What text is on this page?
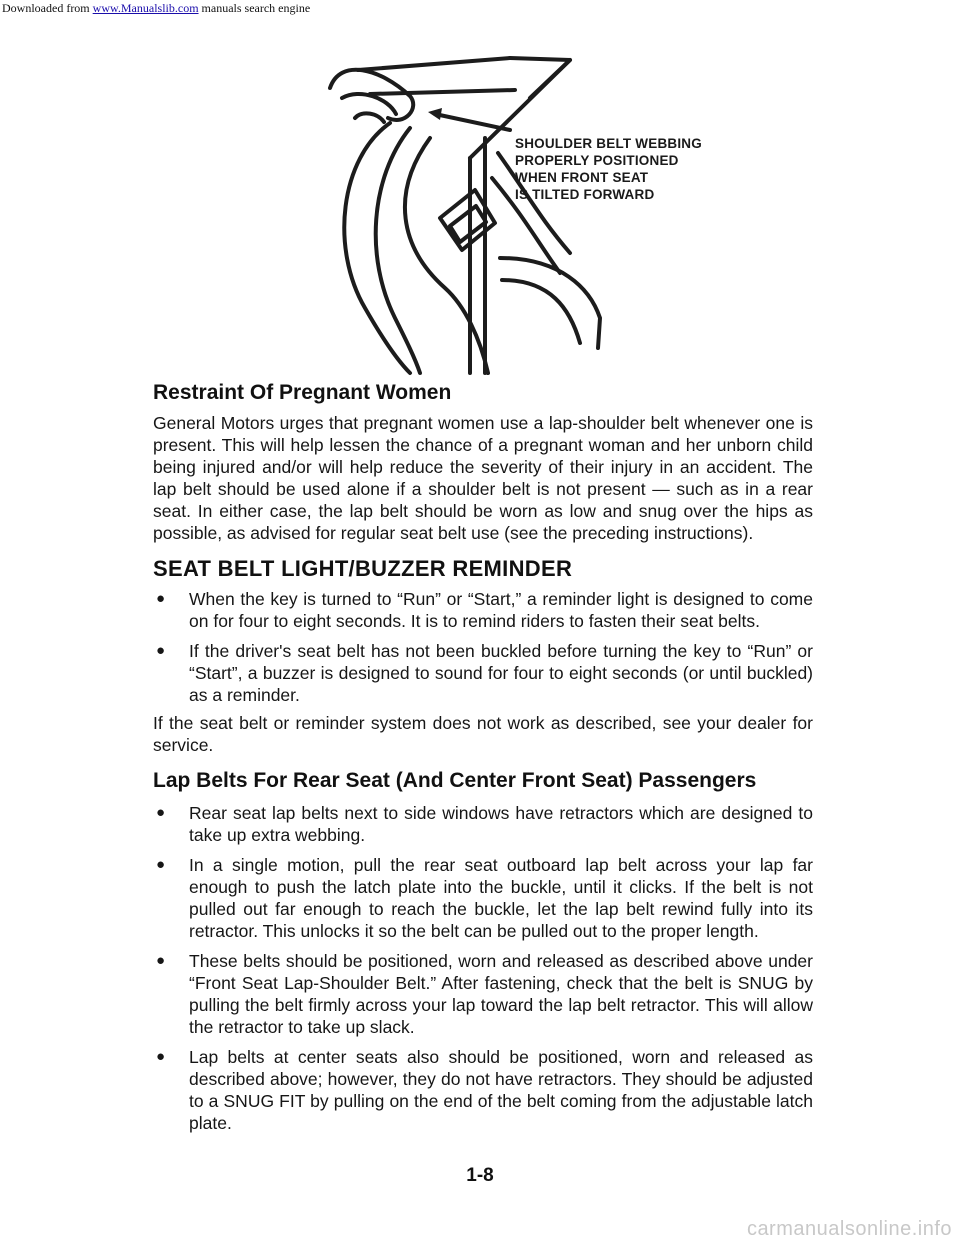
Downloaded from www.Manualslib.com manuals search engine
SHOULDER BELT WEBBING
PROPERLY POSITIONED
WHEN FRONT SEAT
IS TILTED FORWARD
Restraint Of Pregnant Women

General Motors urges that pregnant women use a lap-shoulder belt whenever one is present. This will help lessen the chance of a pregnant woman and her unborn child being injured and/or will help reduce the severity of their injury in an accident. The lap belt should be used alone if a shoulder belt is not present — such as in a rear seat. In either case, the lap belt should be worn as low and snug over the hips as possible, as advised for regular seat belt use (see the preceding instructions).

SEAT BELT LIGHT/BUZZER REMINDER
● When the key is turned to “Run” or “Start,” a reminder light is designed to come on for four to eight seconds. It is to remind riders to fasten their seat belts.
● If the driver's seat belt has not been buckled before turning the key to “Run” or “Start”, a buzzer is designed to sound for four to eight seconds (or until buckled) as a reminder.

If the seat belt or reminder system does not work as described, see your dealer for service.

Lap Belts For Rear Seat (And Center Front Seat) Passengers
● Rear seat lap belts next to side windows have retractors which are designed to take up extra webbing.
● In a single motion, pull the rear seat outboard lap belt across your lap far enough to push the latch plate into the buckle, until it clicks. If the belt is not pulled out far enough to reach the buckle, let the lap belt rewind fully into its retractor. This unlocks it so the belt can be pulled out to the proper length.
● These belts should be positioned, worn and released as described above under “Front Seat Lap-Shoulder Belt.” After fastening, check that the belt is SNUG by pulling the belt firmly across your lap toward the lap belt retractor. This will allow the retractor to take up slack.
● Lap belts at center seats also should be positioned, worn and released as described above; however, they do not have retractors. They should be adjusted to a SNUG FIT by pulling on the end of the belt coming from the adjustable latch plate.
1-8
carmanualsonline.info
